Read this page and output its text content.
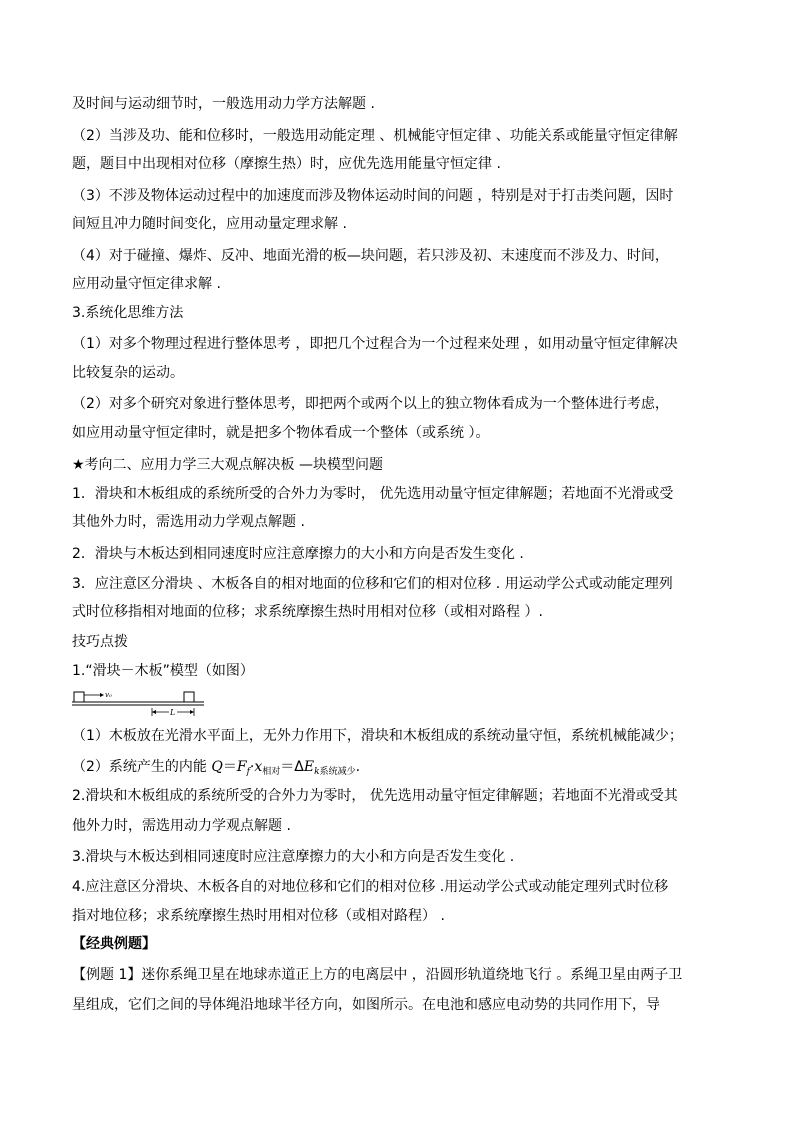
及时间与运动细节时，一般选用动力学方法解题 .
（2）当涉及功、能和位移时，一般选用动能定理 、机械能守恒定律 、功能关系或能量守恒定律解
题，题目中出现相对位移（摩擦生热）时，应优先选用能量守恒定律 .
（3）不涉及物体运动过程中的加速度而涉及物体运动时间的问题 ，特别是对于打击类问题，因时
间短且冲力随时间变化，应用动量定理求解 .
（4）对于碰撞、爆炸、反冲、地面光滑的板—块问题，若只涉及初、末速度而不涉及力、时间，
应用动量守恒定律求解 .
3.系统化思维方法
（1）对多个物理过程进行整体思考 ，即把几个过程合为一个过程来处理 ，如用动量守恒定律解决
比较复杂的运动。
（2）对多个研究对象进行整体思考，即把两个或两个以上的独立物体看成为一个整体进行考虑，
如应用动量守恒定律时，就是把多个物体看成一个整体（或系统 ）。
★考向二、应用力学三大观点解决板 —块模型问题
1．滑块和木板组成的系统所受的合外力为零时， 优先选用动量守恒定律解题；若地面不光滑或受
其他外力时，需选用动力学观点解题 .
2．滑块与木板达到相同速度时应注意摩擦力的大小和方向是否发生变化 .
3．应注意区分滑块 、木板各自的相对地面的位移和它们的相对位移 . 用运动学公式或动能定理列
式时位移指相对地面的位移；求系统摩擦生热时用相对位移（或相对路程 ）.
技巧点拨
1.“滑块－木板”模型（如图）
v₀
L
（1）木板放在光滑水平面上，无外力作用下，滑块和木板组成的系统动量守恒，系统机械能减少；
（2）系统产生的内能 $Q=F_f\cdot x_{相对}=\Delta E_{k系统减少}$.
2.滑块和木板组成的系统所受的合外力为零时， 优先选用动量守恒定律解题；若地面不光滑或受其
他外力时，需选用动力学观点解题 .
3.滑块与木板达到相同速度时应注意摩擦力的大小和方向是否发生变化 .
4.应注意区分滑块、木板各自的对地位移和它们的相对位移 .用运动学公式或动能定理列式时位移
指对地位移；求系统摩擦生热时用相对位移（或相对路程） .
【经典例题】
【例题 1】迷你系绳卫星在地球赤道正上方的电离层中 ，沿圆形轨道绕地飞行 。系绳卫星由两子卫
星组成，它们之间的导体绳沿地球半径方向，如图所示。在电池和感应电动势的共同作用下，导
